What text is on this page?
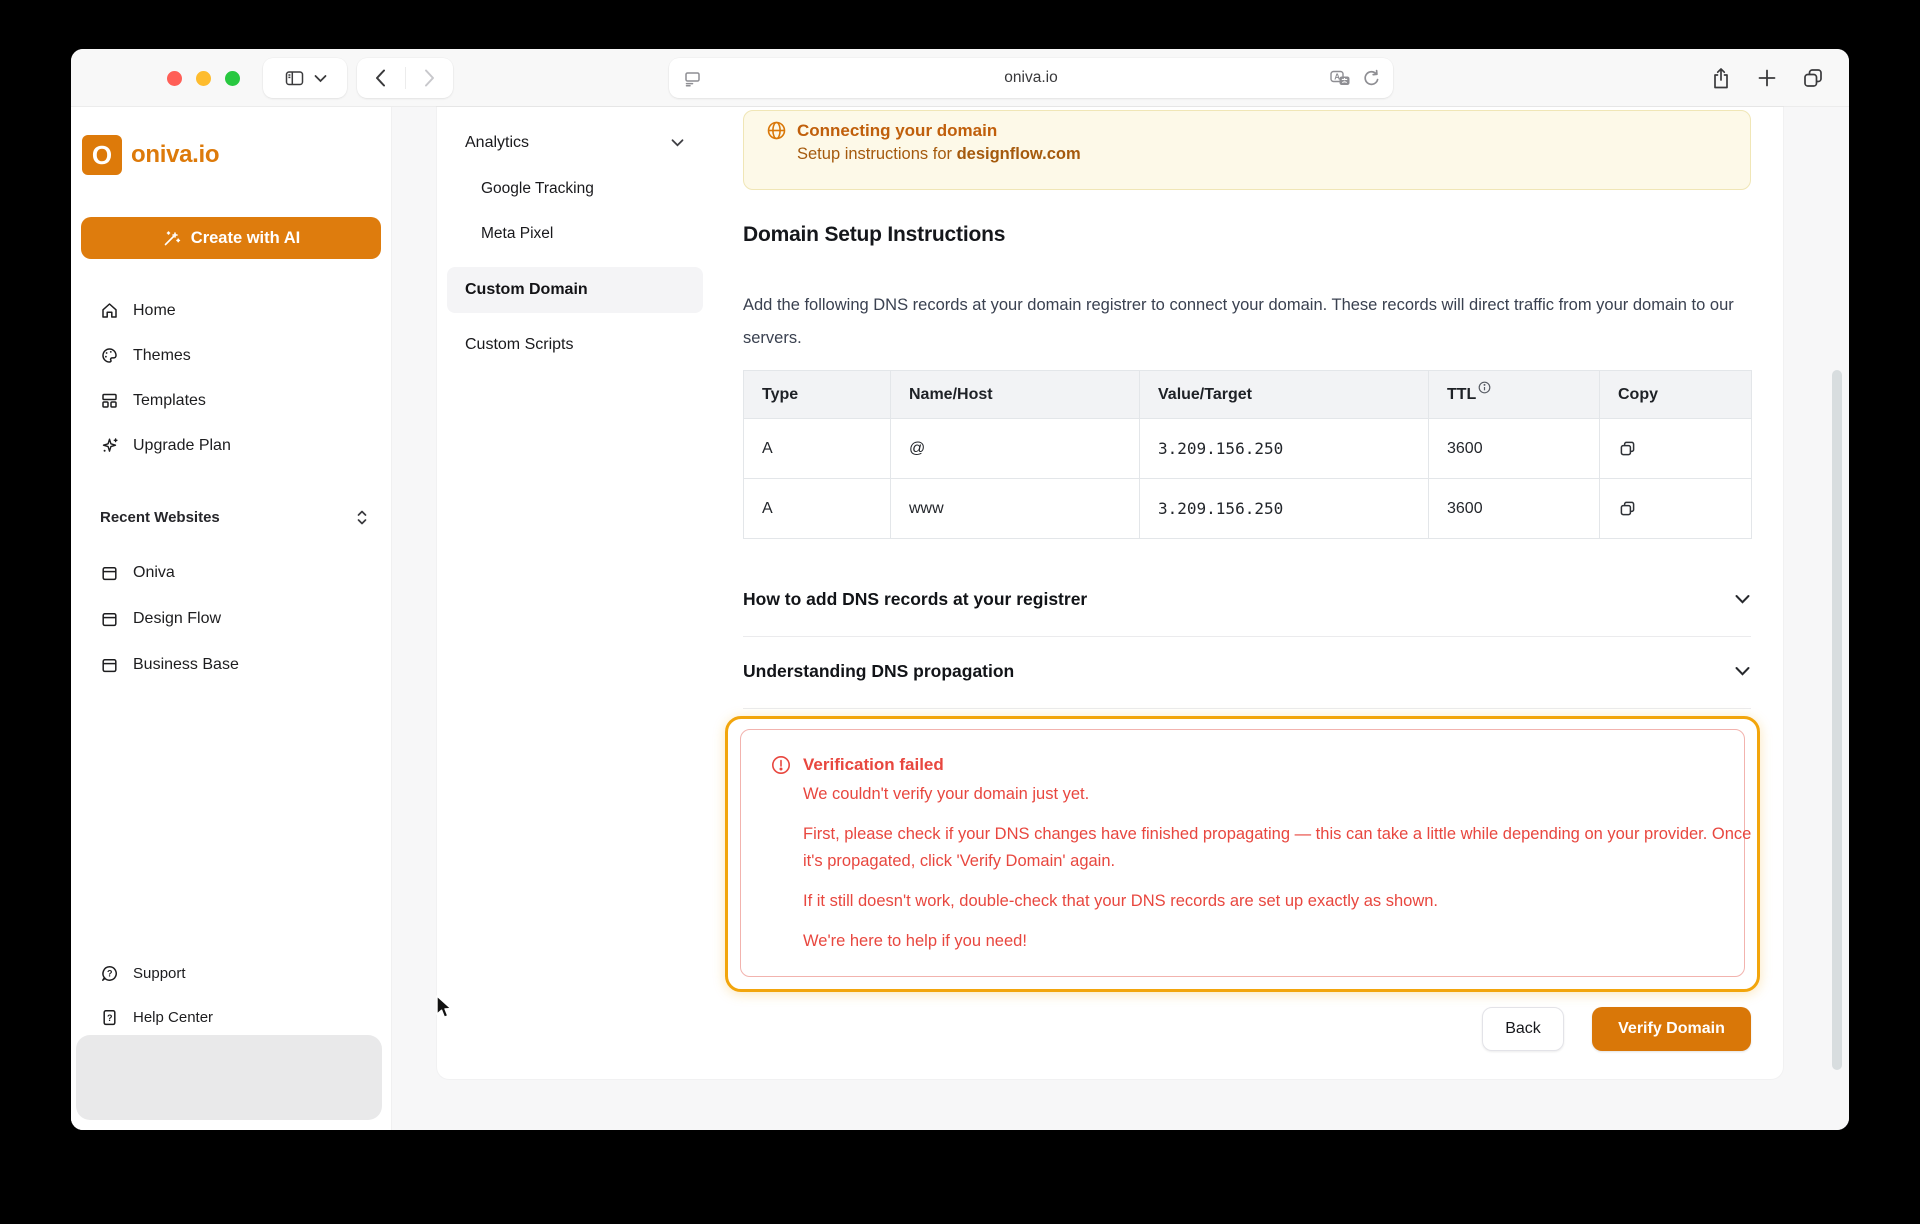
oniva.io	A
O oniva.io
Create with AI
Home
Themes
Templates
Upgrade Plan
Recent Websites
Oniva
Design Flow
Business Base
? Support
? Help Center
Analytics
Google Tracking
Meta Pixel
Custom Domain
Custom Scripts
Connecting your domain
Setup instructions for designflow.com
Domain Setup Instructions
Add the following DNS records at your domain registrer to connect your domain. These records will direct traffic from your domain to our servers.
Type	Name/Host	Value/Target	TTL	Copy
A	@	3.209.156.250	3600	

A	www	3.209.156.250	3600	
How to add DNS records at your registrer
Understanding DNS propagation
Verification failed
We couldn't verify your domain just yet.
First, please check if your DNS changes have finished propagating — this can take a little while depending on your provider. Once it's propagated, click 'Verify Domain' again.
If it still doesn't work, double-check that your DNS records are set up exactly as shown.
We're here to help if you need!
Back	Verify Domain
